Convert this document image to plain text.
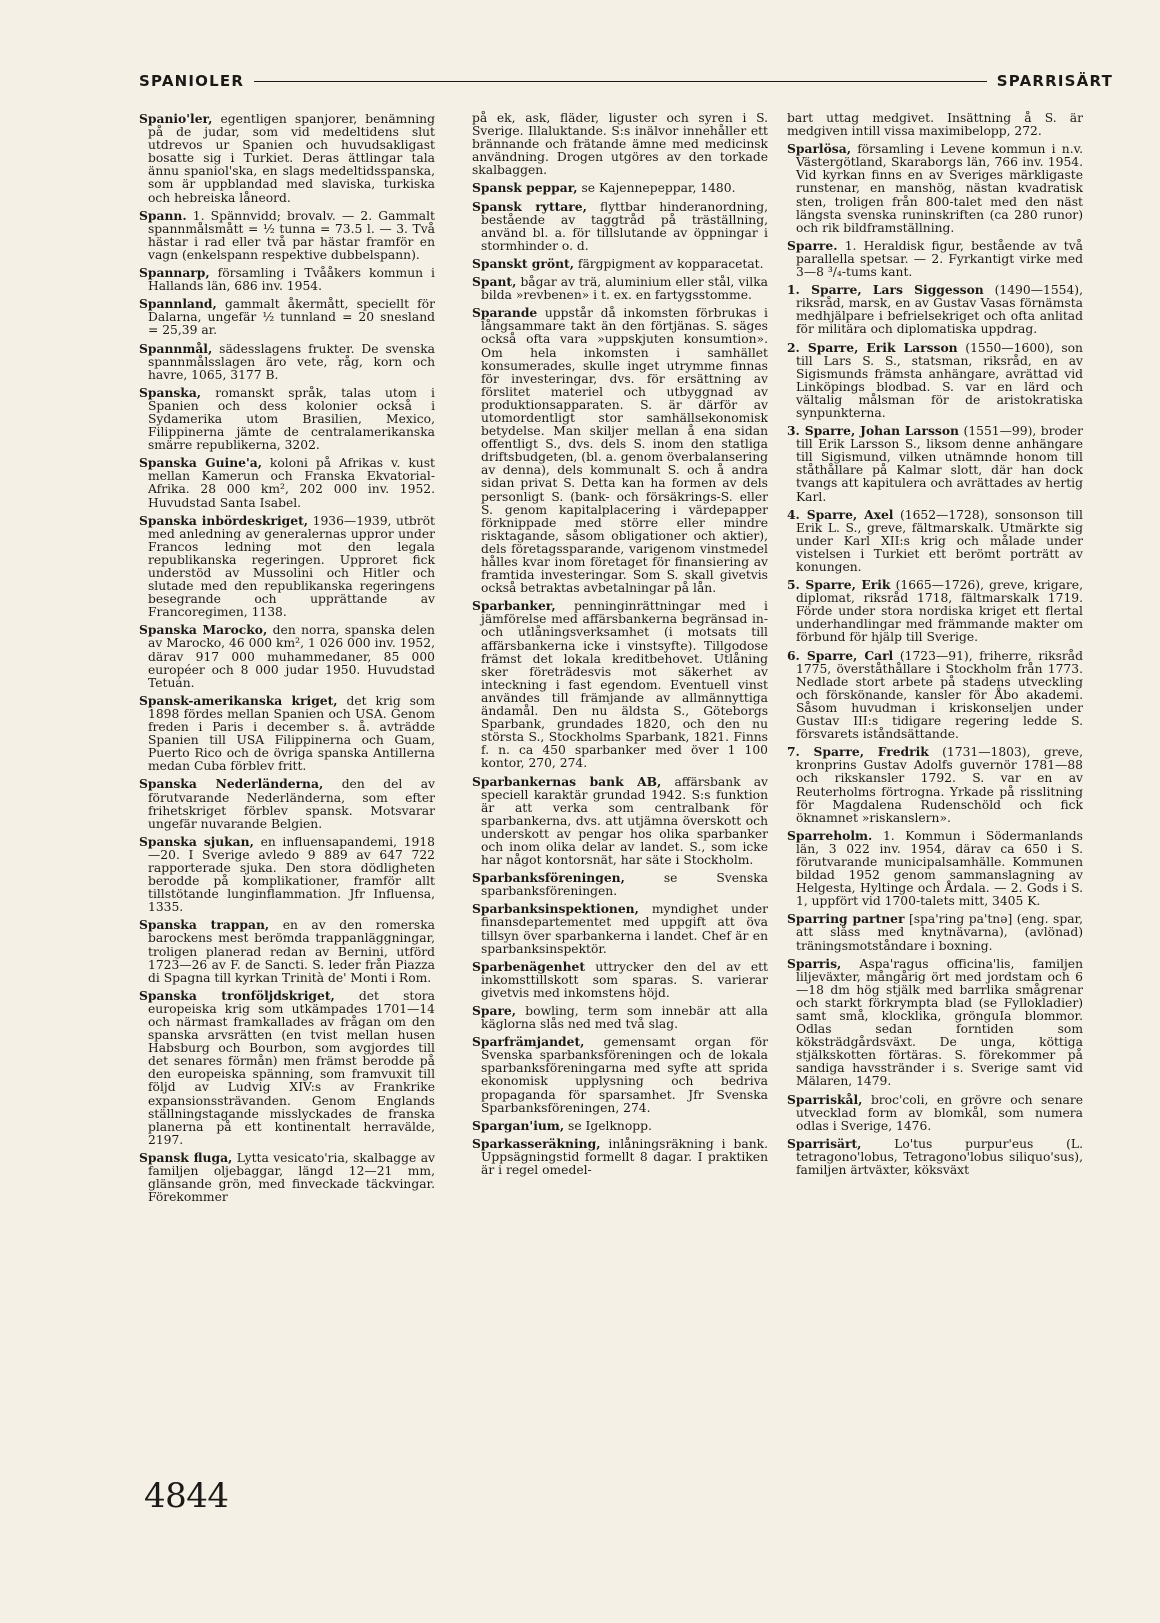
SPANIOLER	SPARRISÄRT

Spanio'ler, egentligen spanjorer, benämning på de judar, som vid medeltidens slut utdrevos ur Spanien och huvudsakligast bosatte sig i Turkiet. Deras ättlingar tala ännu spaniol'ska, en slags medeltidsspanska, som är uppblandad med slaviska, turkiska och hebreiska låneord.

Spann. 1. Spännvidd; brovalv. — 2. Gammalt spannmålsmått = ½ tunna = 73.5 l. — 3. Två hästar i rad eller två par hästar framför en vagn (enkelspann respektive dubbelspann).

Spannarp, församling i Tvååkers kommun i Hallands län, 686 inv. 1954.

Spannland, gammalt åkermått, speciellt för Dalarna, ungefär ½ tunnland = 20 snesland = 25,39 ar.

Spannmål, sädesslagens frukter. De svenska spannmålsslagen äro vete, råg, korn och havre, 1065, 3177 B.

Spanska, romanskt språk, talas utom i Spanien och dess kolonier också i Sydamerika utom Brasilien, Mexico, Filippinerna jämte de centralamerikanska smärre republikerna, 3202.

Spanska Guine'a, koloni på Afrikas v. kust mellan Kamerun och Franska Ekvatorial-Afrika. 28 000 km², 202 000 inv. 1952. Huvudstad Santa Isabel.

Spanska inbördeskriget, 1936—1939, utbröt med anledning av generalernas uppror under Francos ledning mot den legala republikanska regeringen. Upproret fick understöd av Mussolini och Hitler och slutade med den republikanska regeringens besegrande och upprättande av Francoregimen, 1138.

Spanska Marocko, den norra, spanska delen av Marocko, 46 000 km², 1 026 000 inv. 1952, därav 917 000 muhammedaner, 85 000 européer och 8 000 judar 1950. Huvudstad Tetuán.

Spansk-amerikanska kriget, det krig som 1898 fördes mellan Spanien och USA. Genom freden i Paris i december s. å. avträdde Spanien till USA Filippinerna och Guam, Puerto Rico och de övriga spanska Antillerna medan Cuba förblev fritt.

Spanska Nederländerna, den del av förutvarande Nederländerna, som efter frihetskriget förblev spansk. Motsvarar ungefär nuvarande Belgien.

Spanska sjukan, en influensapandemi, 1918—20. I Sverige avledo 9 889 av 647 722 rapporterade sjuka. Den stora dödligheten berodde på komplikationer, framför allt tillstötande lunginflammation. Jfr Influensa, 1335.

Spanska trappan, en av den romerska barockens mest berömda trappanläggningar, troligen planerad redan av Bernini, utförd 1723—26 av F. de Sancti. S. leder från Piazza di Spagna till kyrkan Trinità de' Monti i Rom.

Spanska tronföljdskriget, det stora europeiska krig som utkämpades 1701—14 och närmast framkallades av frågan om den spanska arvsrätten (en tvist mellan husen Habsburg och Bourbon, som avgjordes till det senares förmån) men främst berodde på den europeiska spänning, som framvuxit till följd av Ludvig XIV:s av Frankrike expansionssträvanden. Genom Englands ställningstagande misslyckades de franska planerna på ett kontinentalt herravälde, 2197.

Spansk fluga, Lytta vesicato'ria, skalbagge av familjen oljebaggar, längd 12—21 mm, glänsande grön, med finveckade täckvingar. Förekommer

på ek, ask, fläder, liguster och syren i S. Sverige. Illaluktande. S:s inälvor innehåller ett brännande och frätande ämne med medicinsk användning. Drogen utgöres av den torkade skalbaggen.

Spansk peppar, se Kajennepeppar, 1480.

Spansk ryttare, flyttbar hinderanordning, bestående av taggtråd på träställning, använd bl. a. för tillslutande av öppningar i stormhinder o. d.

Spanskt grönt, färgpigment av kopparacetat.

Spant, bågar av trä, aluminium eller stål, vilka bilda »revbenen» i t. ex. en fartygsstomme.

Sparande uppstår då inkomsten förbrukas i långsammare takt än den förtjänas. S. säges också ofta vara »uppskjuten konsumtion». Om hela inkomsten i samhället konsumerades, skulle inget utrymme finnas för investeringar, dvs. för ersättning av förslitet materiel och utbyggnad av produktionsapparaten. S. är därför av utomordentligt stor samhällsekonomisk betydelse. Man skiljer mellan å ena sidan offentligt S., dvs. dels S. inom den statliga driftsbudgeten, (bl. a. genom överbalansering av denna), dels kommunalt S. och å andra sidan privat S. Detta kan ha formen av dels personligt S. (bank- och försäkrings-S. eller S. genom kapitalplacering i värdepapper förknippade med större eller mindre risktagande, såsom obligationer och aktier), dels företagssparande, varigenom vinstmedel hålles kvar inom företaget för finansiering av framtida investeringar. Som S. skall givetvis också betraktas avbetalningar på lån.

Sparbanker, penninginrättningar med i jämförelse med affärsbankerna begränsad in- och utlåningsverksamhet (i motsats till affärsbankerna icke i vinstsyfte). Tillgodose främst det lokala kreditbehovet. Utlåning sker företrädesvis mot säkerhet av inteckning i fast egendom. Eventuell vinst användes till främjande av allmännyttiga ändamål. Den nu äldsta S., Göteborgs Sparbank, grundades 1820, och den nu största S., Stockholms Sparbank, 1821. Finns f. n. ca 450 sparbanker med över 1 100 kontor, 270, 274.

Sparbankernas bank AB, affärsbank av speciell karaktär grundad 1942. S:s funktion är att verka som centralbank för sparbankerna, dvs. att utjämna överskott och underskott av pengar hos olika sparbanker och inom olika delar av landet. S., som icke har något kontorsnät, har säte i Stockholm.

Sparbanksföreningen,	se Svenska sparbanksföreningen.

Sparbanksinspektionen, myndighet under finansdepartementet med uppgift att öva tillsyn över sparbankerna i landet. Chef är en sparbanksinspektör.

Sparbenägenhet uttrycker den del av ett inkomsttillskott som sparas. S. varierar givetvis med inkomstens höjd.

Spare, bowling, term som innebär att alla käglorna slås ned med två slag.

Sparfrämjandet, gemensamt organ för Svenska sparbanksföreningen och de lokala sparbanksföreningarna med syfte att sprida ekonomisk upplysning och bedriva propaganda för sparsamhet. Jfr Svenska Sparbanksföreningen, 274.

Spargan'ium, se Igelknopp.

Sparkasseräkning, inlåningsräkning i bank. Uppsägningstid formellt 8 dagar. I praktiken är i regel omedel-

bart uttag medgivet. Insättning å S. är medgiven intill vissa maximibelopp, 272.

Sparlösa, församling i Levene kommun i n.v. Västergötland, Skaraborgs län, 766 inv. 1954. Vid kyrkan finns en av Sveriges märkligaste runstenar, en manshög, nästan kvadratisk sten, troligen från 800-talet med den näst längsta svenska runinskriften (ca 280 runor) och rik bildframställning.

Sparre. 1. Heraldisk figur, bestående av två parallella spetsar. — 2. Fyrkantigt virke med 3—8 ³/₄-tums kant.

1. Sparre, Lars Siggesson (1490—1554), riksråd, marsk, en av Gustav Vasas förnämsta medhjälpare i befrielsekriget och ofta anlitad för militära och diplomatiska uppdrag.

2. Sparre, Erik Larsson (1550—1600), son till Lars S. S., statsman, riksråd, en av Sigismunds främsta anhängare, avrättad vid Linköpings blodbad. S. var en lärd och vältalig målsman för de aristokratiska synpunkterna.

3. Sparre, Johan Larsson (1551—99), broder till Erik Larsson S., liksom denne anhängare till Sigismund, vilken utnämnde honom till ståthållare på Kalmar slott, där han dock tvangs att kapitulera och avrättades av hertig Karl.

4. Sparre, Axel (1652—1728), sonsonson till Erik L. S., greve, fältmarskalk. Utmärkte sig under Karl XII:s krig och målade under vistelsen i Turkiet ett berömt porträtt av konungen.

5. Sparre, Erik (1665—1726), greve, krigare, diplomat, riksråd 1718, fältmarskalk 1719. Förde under stora nordiska kriget ett flertal underhandlingar med främmande makter om förbund för hjälp till Sverige.

6. Sparre, Carl (1723—91), friherre, riksråd 1775, överståthållare i Stockholm från 1773. Nedlade stort arbete på stadens utveckling och förskönande, kansler för Åbo akademi. Såsom huvudman i kriskonseljen under Gustav III:s tidigare regering ledde S. försvarets iståndsättande.

7. Sparre, Fredrik (1731—1803), greve, kronprins Gustav Adolfs guvernör 1781—88 och rikskansler 1792. S. var en av Reuterholms förtrogna. Yrkade på risslitning för Magdalena Rudenschöld och fick öknamnet »riskanslern».

Sparreholm. 1. Kommun i Södermanlands län, 3 022 inv. 1954, därav ca 650 i S. förutvarande municipalsamhälle. Kommunen bildad 1952 genom sammanslagning av Helgesta, Hyltinge och Årdala. — 2. Gods i S. 1, uppfört vid 1700-talets mitt, 3405 K.

Sparring partner [spa'ring pa'tnə] (eng. spar, att slåss med knytnävarna), (avlönad) träningsmotståndare i boxning.

Sparris, Aspa'ragus officina'lis, familjen liljeväxter, mångårig ört med jordstam och 6—18 dm hög stjälk med barrlika smågrenar och starkt förkrympta blad (se Fyllokladier) samt små, klocklika, grönguIa blommor. Odlas sedan forntiden som köksträdgårdsväxt. De unga, köttiga stjälkskotten förtäras. S. förekommer på sandiga havsstränder i s. Sverige samt vid Mälaren, 1479.

Sparriskål, broc'coli, en grövre och senare utvecklad form av blomkål, som numera odlas i Sverige, 1476.

Sparrisärt,	Lo'tus purpur'eus (L. tetragono'lobus, Tetragono'lobus siliquo'sus), familjen ärtväxter, köksväxt

4844
